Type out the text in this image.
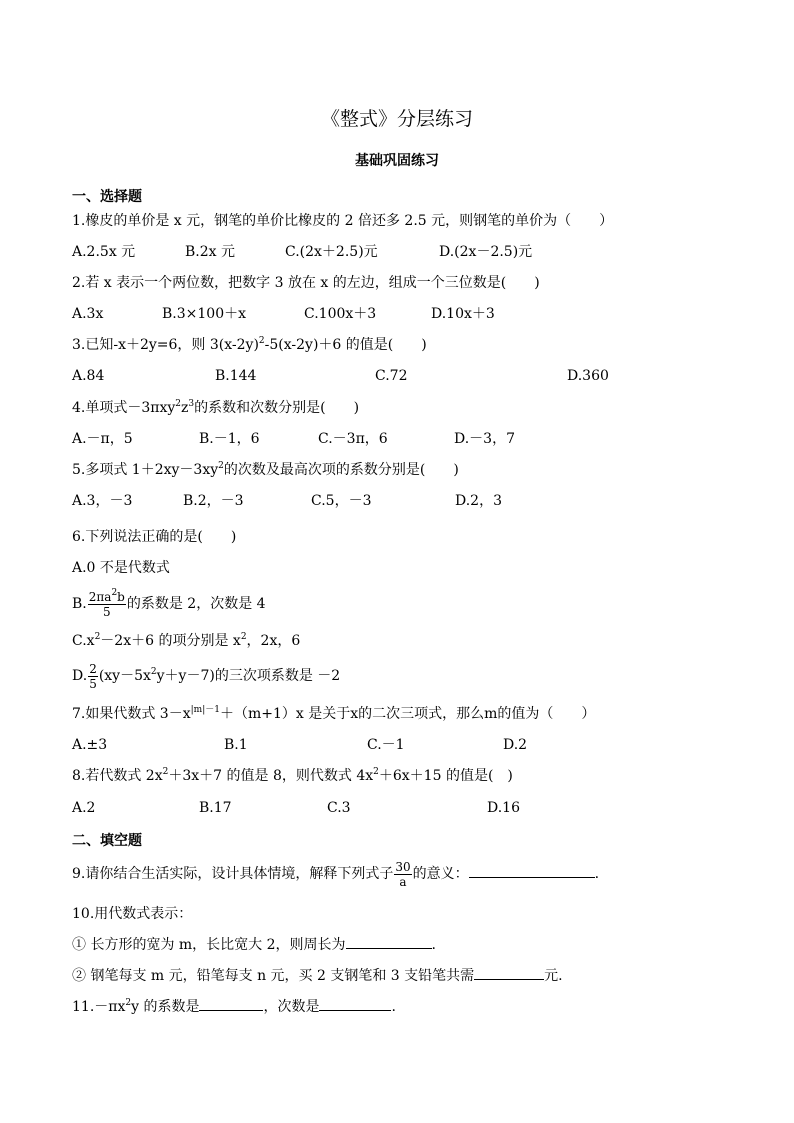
《整式》分层练习
基础巩固练习
一、选择题
1.橡皮的单价是 x 元，钢笔的单价比橡皮的 2 倍还多 2.5 元，则钢笔的单价为（　　）
A.2.5x 元	B.2x 元	C.(2x＋2.5)元	D.(2x－2.5)元
2.若 x 表示一个两位数，把数字 3 放在 x 的左边，组成一个三位数是(　　)
A.3x	B.3×100＋x	C.100x＋3	D.10x＋3
3.已知-x＋2y=6，则 $3(x-2y)^2-5(x-2y)+6$ 的值是(　　)
A.84	B.144	C.72	D.360
4.单项式$-3\pi xy^2z^3$的系数和次数分别是(　　)
A.－π，5	B.－1，6	C.－3π，6	D.－3，7
5.多项式 $1+2xy-3xy^2$的次数及最高次项的系数分别是(　　)
A.3，－3	B.2，－3	C.5，－3	D.2，3
6.下列说法正确的是(　　)
A.0 不是代数式
B. $\frac{2\pi a^2b}{5}$ 的系数是 2，次数是 4
$C.x^2-2x+6$ 的项分别是 $x^2$，2x，6
D. $\frac{2}{5} (xy-5x^2y+y-7)$的三次项系数是 －2
7.如果代数式 $3-x^{|m|-1}+(m+1)x$ 是关于x的二次三项式，那么m的值为（　　）
A.±3	B.1	C.－1	D.2
8.若代数式 $2x^2+3x+7$ 的值是 8，则代数式 $4x^2+6x+15$ 的值是(　)
A.2	B.17	C.3	D.16
二、填空题
9.请你结合生活实际，设计具体情境，解释下列式子 $\frac{30}{a}$ 的意义：	.
10.用代数式表示：
① 长方形的宽为 m，长比宽大 2，则周长为	.
② 钢笔每支 m 元，铅笔每支 n 元，买 2 支钢笔和 3 支铅笔共需	元.
$11.-\pi x^2y$ 的系数是	，次数是	.
